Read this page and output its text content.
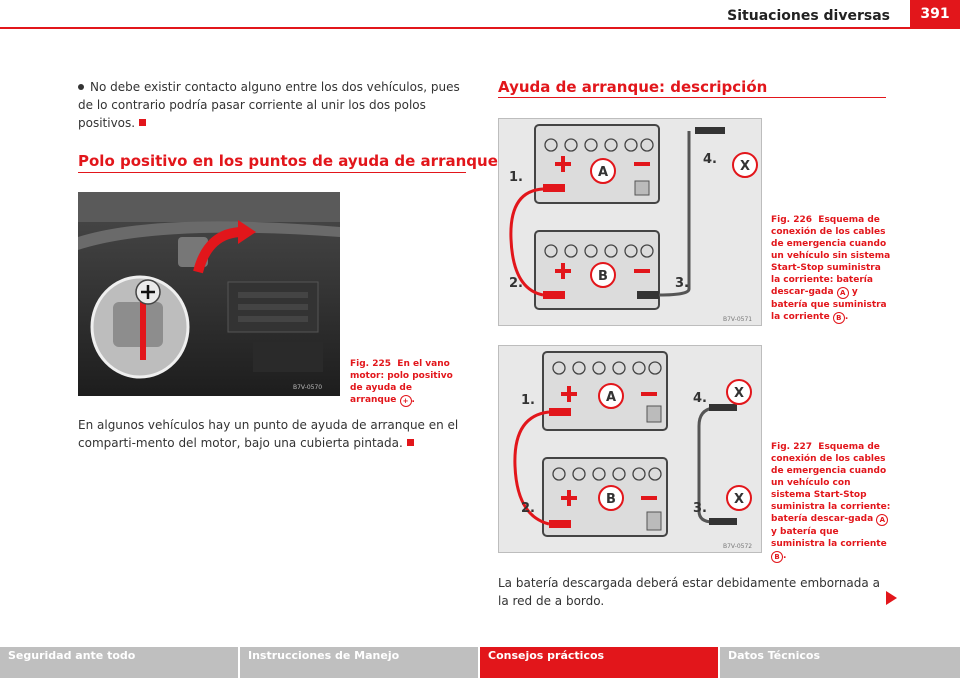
Situaciones diversas	391
No debe existir contacto alguno entre los dos vehículos, pues de lo contrario podría pasar corriente al unir los dos polos positivos.
Polo positivo en los puntos de ayuda de arranque
B7V-0570
Fig. 225 En el vano motor: polo positivo de ayuda de arranque + .
En algunos vehículos hay un punto de ayuda de arranque en el comparti-mento del motor, bajo una cubierta pintada.
Ayuda de arranque: descripción
A
B
X
1.
2.	3.
4.
B7V-0571
Fig. 226 Esquema de conexión de los cables de emergencia cuando un vehículo sin sistema Start-Stop suministra la corriente: batería descar-gada A y batería que suministra la corriente B .
A
B
X
X
1.
2.	3.
4.
B7V-0572
Fig. 227 Esquema de conexión de los cables de emergencia cuando un vehículo con sistema Start-Stop suministra la corriente: batería descar-gada A y batería que suministra la corriente B .
La batería descargada deberá estar debidamente embornada a la red de a bordo.
Seguridad ante todo	Instrucciones de Manejo	Consejos prácticos	Datos Técnicos
